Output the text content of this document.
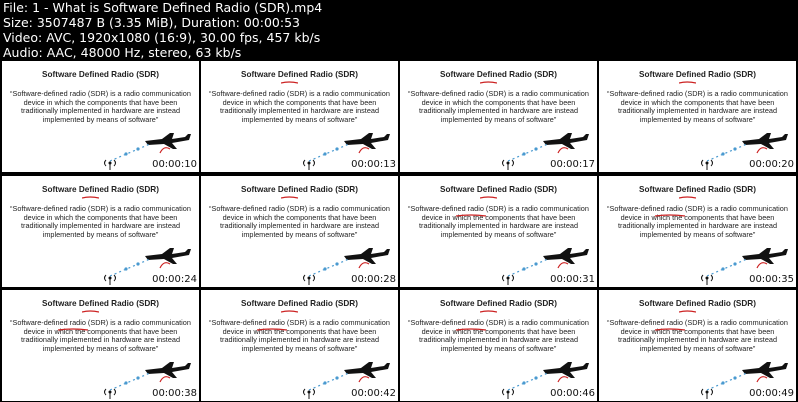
File: 1 - What is Software Defined Radio (SDR).mp4
Size: 3507487 B (3.35 MiB), Duration: 00:00:53
Video: AVC, 1920x1080 (16:9), 30.00 fps, 457 kb/s
Audio: AAC, 48000 Hz, stereo, 63 kb/s
Software Defined Radio (SDR)
“Software-defined radio (SDR) is a radio communication device in which the components that have been traditionally implemented in hardware are instead implemented by means of software”
00:00:10
Software Defined Radio (SDR)
“Software-defined radio (SDR) is a radio communication device in which the components that have been traditionally implemented in hardware are instead implemented by means of software”
00:00:13
Software Defined Radio (SDR)
“Software-defined radio (SDR) is a radio communication device in which the components that have been traditionally implemented in hardware are instead implemented by means of software”
00:00:17
Software Defined Radio (SDR)
“Software-defined radio (SDR) is a radio communication device in which the components that have been traditionally implemented in hardware are instead implemented by means of software”
00:00:20
Software Defined Radio (SDR)
“Software-defined radio (SDR) is a radio communication device in which the components that have been traditionally implemented in hardware are instead implemented by means of software”
00:00:24
Software Defined Radio (SDR)
“Software-defined radio (SDR) is a radio communication device in which the components that have been traditionally implemented in hardware are instead implemented by means of software”
00:00:28
Software Defined Radio (SDR)
“Software-defined radio (SDR) is a radio communication device in which the components that have been traditionally implemented in hardware are instead implemented by means of software”
00:00:31
Software Defined Radio (SDR)
“Software-defined radio (SDR) is a radio communication device in which the components that have been traditionally implemented in hardware are instead implemented by means of software”
00:00:35
Software Defined Radio (SDR)
“Software-defined radio (SDR) is a radio communication device in which the components that have been traditionally implemented in hardware are instead implemented by means of software”
00:00:38
Software Defined Radio (SDR)
“Software-defined radio (SDR) is a radio communication device in which the components that have been traditionally implemented in hardware are instead implemented by means of software”
00:00:42
Software Defined Radio (SDR)
“Software-defined radio (SDR) is a radio communication device in which the components that have been traditionally implemented in hardware are instead implemented by means of software”
00:00:46
Software Defined Radio (SDR)
“Software-defined radio (SDR) is a radio communication device in which the components that have been traditionally implemented in hardware are instead implemented by means of software”
00:00:49
